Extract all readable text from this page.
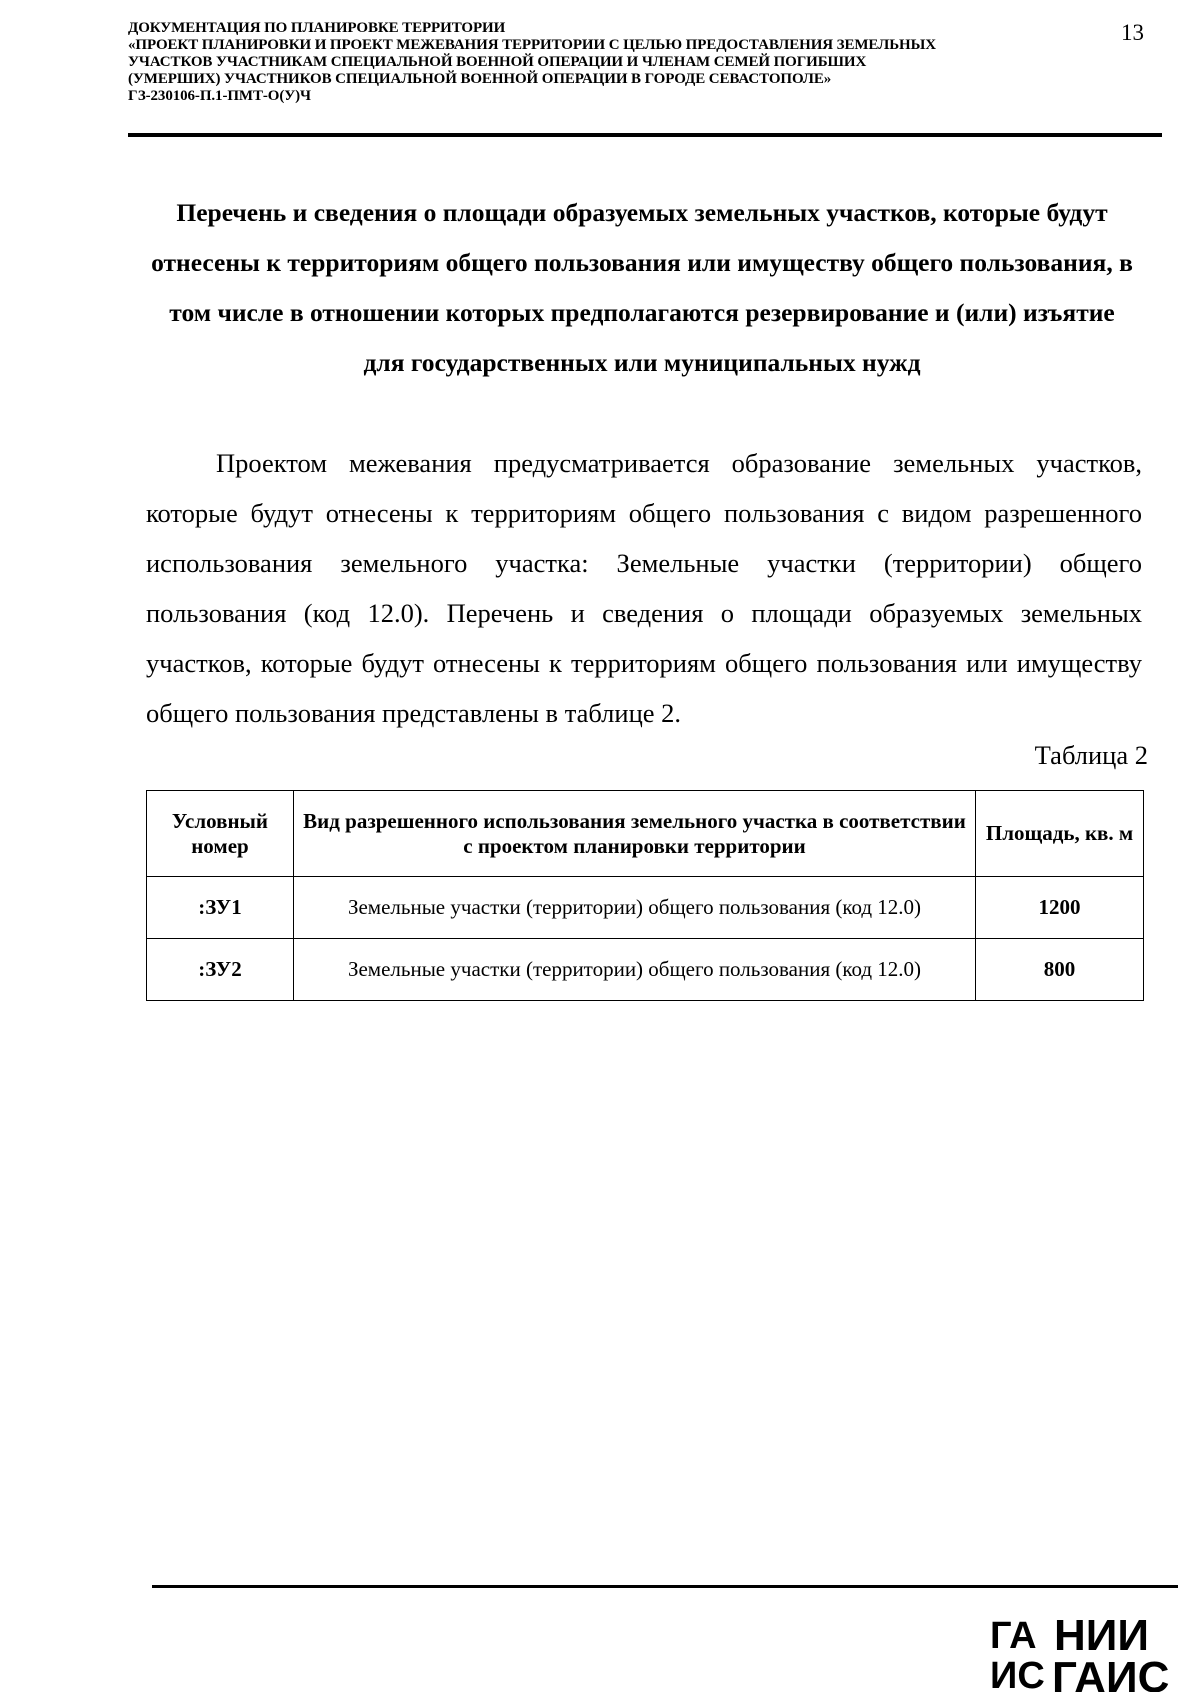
ДОКУМЕНТАЦИЯ ПО ПЛАНИРОВКЕ ТЕРРИТОРИИ
«ПРОЕКТ ПЛАНИРОВКИ И ПРОЕКТ МЕЖЕВАНИЯ ТЕРРИТОРИИ С ЦЕЛЬЮ ПРЕДОСТАВЛЕНИЯ ЗЕМЕЛЬНЫХ
УЧАСТКОВ УЧАСТНИКАМ СПЕЦИАЛЬНОЙ ВОЕННОЙ ОПЕРАЦИИ И ЧЛЕНАМ СЕМЕЙ ПОГИБШИХ
(УМЕРШИХ) УЧАСТНИКОВ СПЕЦИАЛЬНОЙ ВОЕННОЙ ОПЕРАЦИИ В ГОРОДЕ СЕВАСТОПОЛЕ»
ГЗ-230106-П.1-ПМТ-О(У)Ч
13
Перечень и сведения о площади образуемых земельных участков, которые будут отнесены к территориям общего пользования или имуществу общего пользования, в том числе в отношении которых предполагаются резервирование и (или) изъятие для государственных или муниципальных нужд
Проектом межевания предусматривается образование земельных участков, которые будут отнесены к территориям общего пользования с видом разрешенного использования земельного участка: Земельные участки (территории) общего пользования (код 12.0). Перечень и сведения о площади образуемых земельных участков, которые будут отнесены к территориям общего пользования или имуществу общего пользования представлены в таблице 2.
Таблица 2
Условный номер	Вид разрешенного использования земельного участка в соответствии с проектом планировки территории	Площадь, кв. м
​:ЗУ1	Земельные участки (территории) общего пользования (код 12.0)	1200
​:ЗУ2	Земельные участки (территории) общего пользования (код 12.0)	800
ГА
ИС
НИИ
ГАИС
